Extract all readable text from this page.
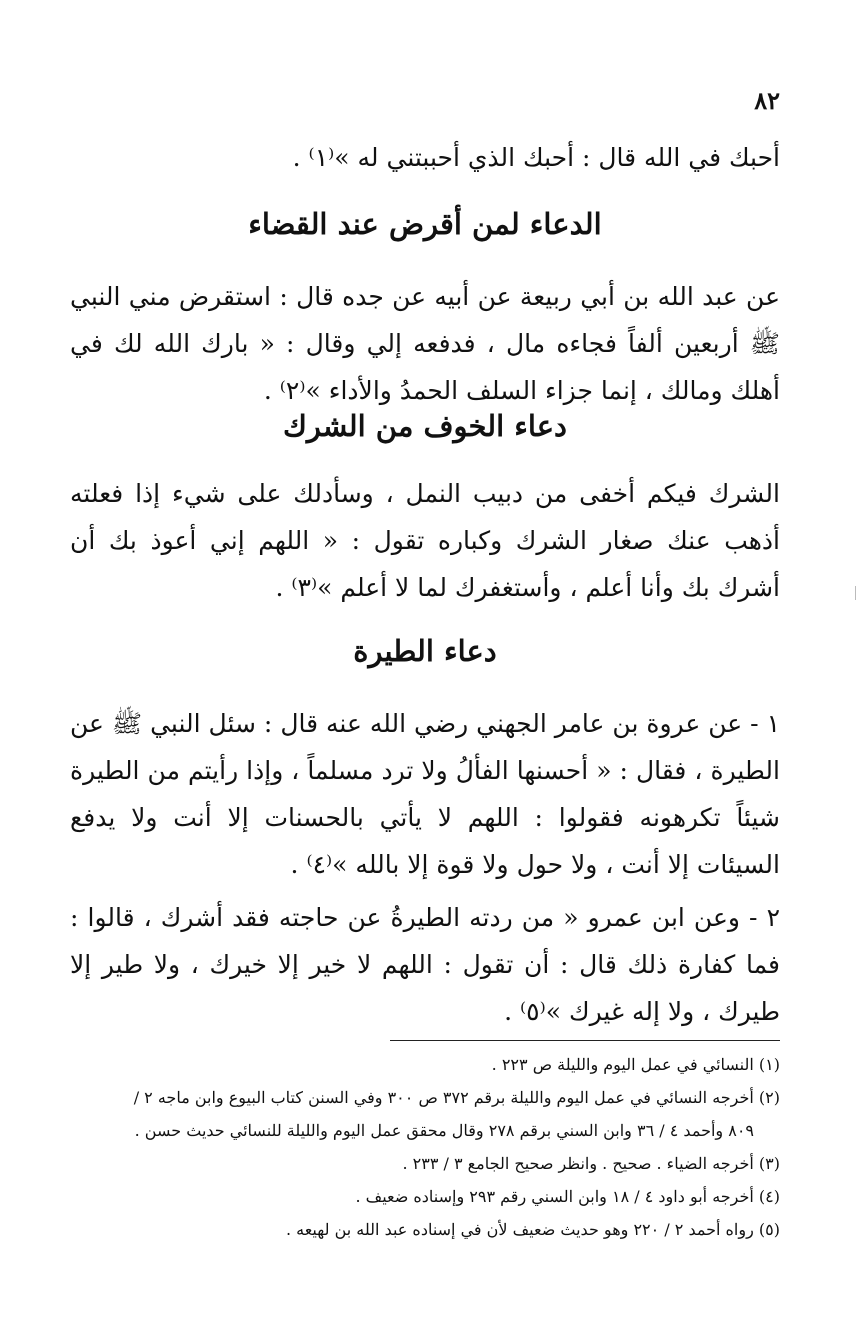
٨٢

أحبك في الله قال : أحبك الذي أحببتني له »⁽١⁾ .

الدعاء لمن أقرض عند القضاء

عن عبد الله بن أبي ربيعة عن أبيه عن جده قال : استقرض مني النبي ﷺ أربعين ألفاً فجاءه مال ، فدفعه إلي وقال : « بارك الله لك في أهلك ومالك ، إنما جزاء السلف الحمدُ والأداء »⁽٢⁾ .

دعاء الخوف من الشرك

الشرك فيكم أخفى من دبيب النمل ، وسأدلك على شيء إذا فعلته أذهب عنك صغار الشرك وكباره تقول : « اللهم إني أعوذ بك أن أشرك بك وأنا أعلم ، وأستغفرك لما لا أعلم »⁽٣⁾ .

دعاء الطيرة

١ - عن عروة بن عامر الجهني رضي الله عنه قال : سئل النبي ﷺ عن الطيرة ، فقال : « أحسنها الفألُ ولا ترد مسلماً ، وإذا رأيتم من الطيرة شيئاً تكرهونه فقولوا : اللهم لا يأتي بالحسنات إلا أنت ولا يدفع السيئات إلا أنت ، ولا حول ولا قوة إلا بالله »⁽٤⁾ .

٢ - وعن ابن عمرو « من ردته الطيرةُ عن حاجته فقد أشرك ، قالوا : فما كفارة ذلك قال : أن تقول : اللهم لا خير إلا خيرك ، ولا طير إلا طيرك ، ولا إله غيرك »⁽٥⁾ .

(١) النسائي في عمل اليوم والليلة ص ٢٢٣ .

(٢) أخرجه النسائي في عمل اليوم والليلة برقم ٣٧٢ ص ٣٠٠ وفي السنن كتاب البيوع وابن ماجه ٢ /

٨٠٩ وأحمد ٤ / ٣٦ وابن السني برقم ٢٧٨ وقال محقق عمل اليوم والليلة للنسائي حديث حسن .

(٣) أخرجه الضياء . صحيح . وانظر صحيح الجامع ٣ / ٢٣٣ .

(٤) أخرجه أبو داود ٤ / ١٨ وابن السني رقم ٢٩٣ وإسناده ضعيف .

(٥) رواه أحمد ٢ / ٢٢٠ وهو حديث ضعيف لأن في إسناده عبد الله بن لهيعه .
